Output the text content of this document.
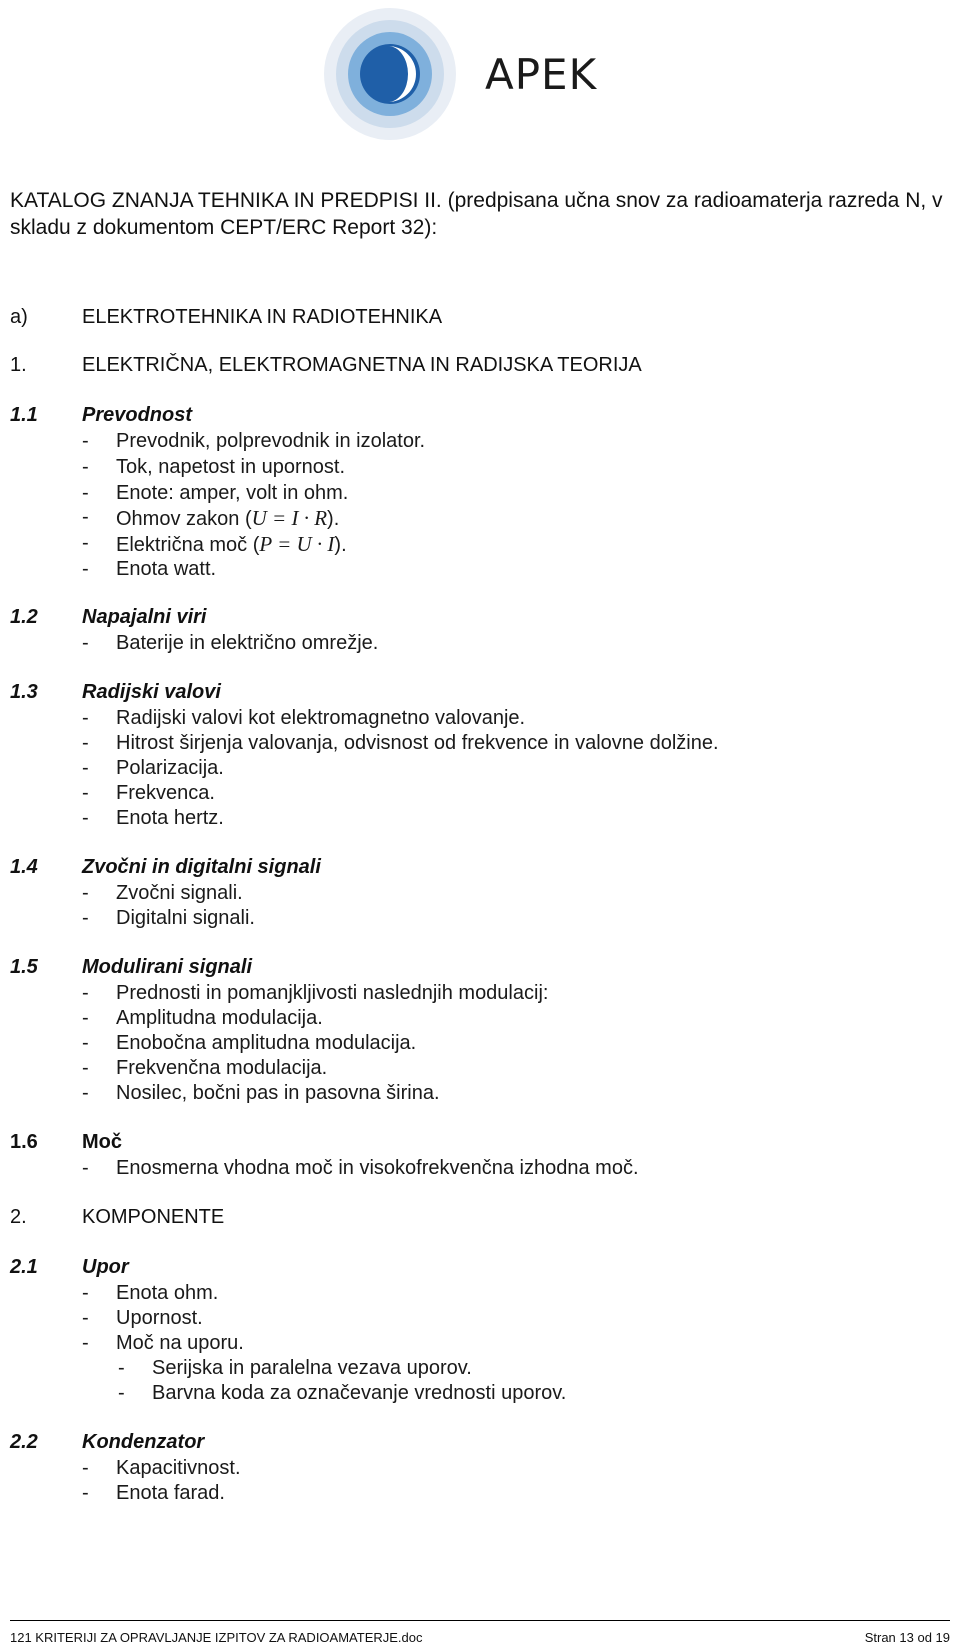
APEK
KATALOG ZNANJA TEHNIKA IN PREDPISI II. (predpisana učna snov za radioamaterja razreda N, v skladu z dokumentom CEPT/ERC Report 32):
a)	ELEKTROTEHNIKA IN RADIOTEHNIKA
1.	ELEKTRIČNA, ELEKTROMAGNETNA IN RADIJSKA TEORIJA
1.1 Prevodnost
- Prevodnik, polprevodnik in izolator.
- Tok, napetost in upornost.
- Enote: amper, volt in ohm.
- Ohmov zakon (U = I · R).
- Električna moč (P = U · I).
- Enota watt.
1.2 Napajalni viri
- Baterije in električno omrežje.
1.3 Radijski valovi
- Radijski valovi kot elektromagnetno valovanje.
- Hitrost širjenja valovanja, odvisnost od frekvence in valovne dolžine.
- Polarizacija.
- Frekvenca.
- Enota hertz.
1.4 Zvočni in digitalni signali
- Zvočni signali.
- Digitalni signali.
1.5 Modulirani signali
- Prednosti in pomanjkljivosti naslednjih modulacij:
- Amplitudna modulacija.
- Enobočna amplitudna modulacija.
- Frekvenčna modulacija.
- Nosilec, bočni pas in pasovna širina.
1.6 Moč
- Enosmerna vhodna moč in visokofrekvenčna izhodna moč.
2.	KOMPONENTE
2.1 Upor
- Enota ohm.
- Upornost.
- Moč na uporu.
- Serijska in paralelna vezava uporov.
- Barvna koda za označevanje vrednosti uporov.
2.2 Kondenzator
- Kapacitivnost.
- Enota farad.
121 KRITERIJI ZA OPRAVLJANJE IZPITOV ZA RADIOAMATERJE.doc	Stran 13 od 19
